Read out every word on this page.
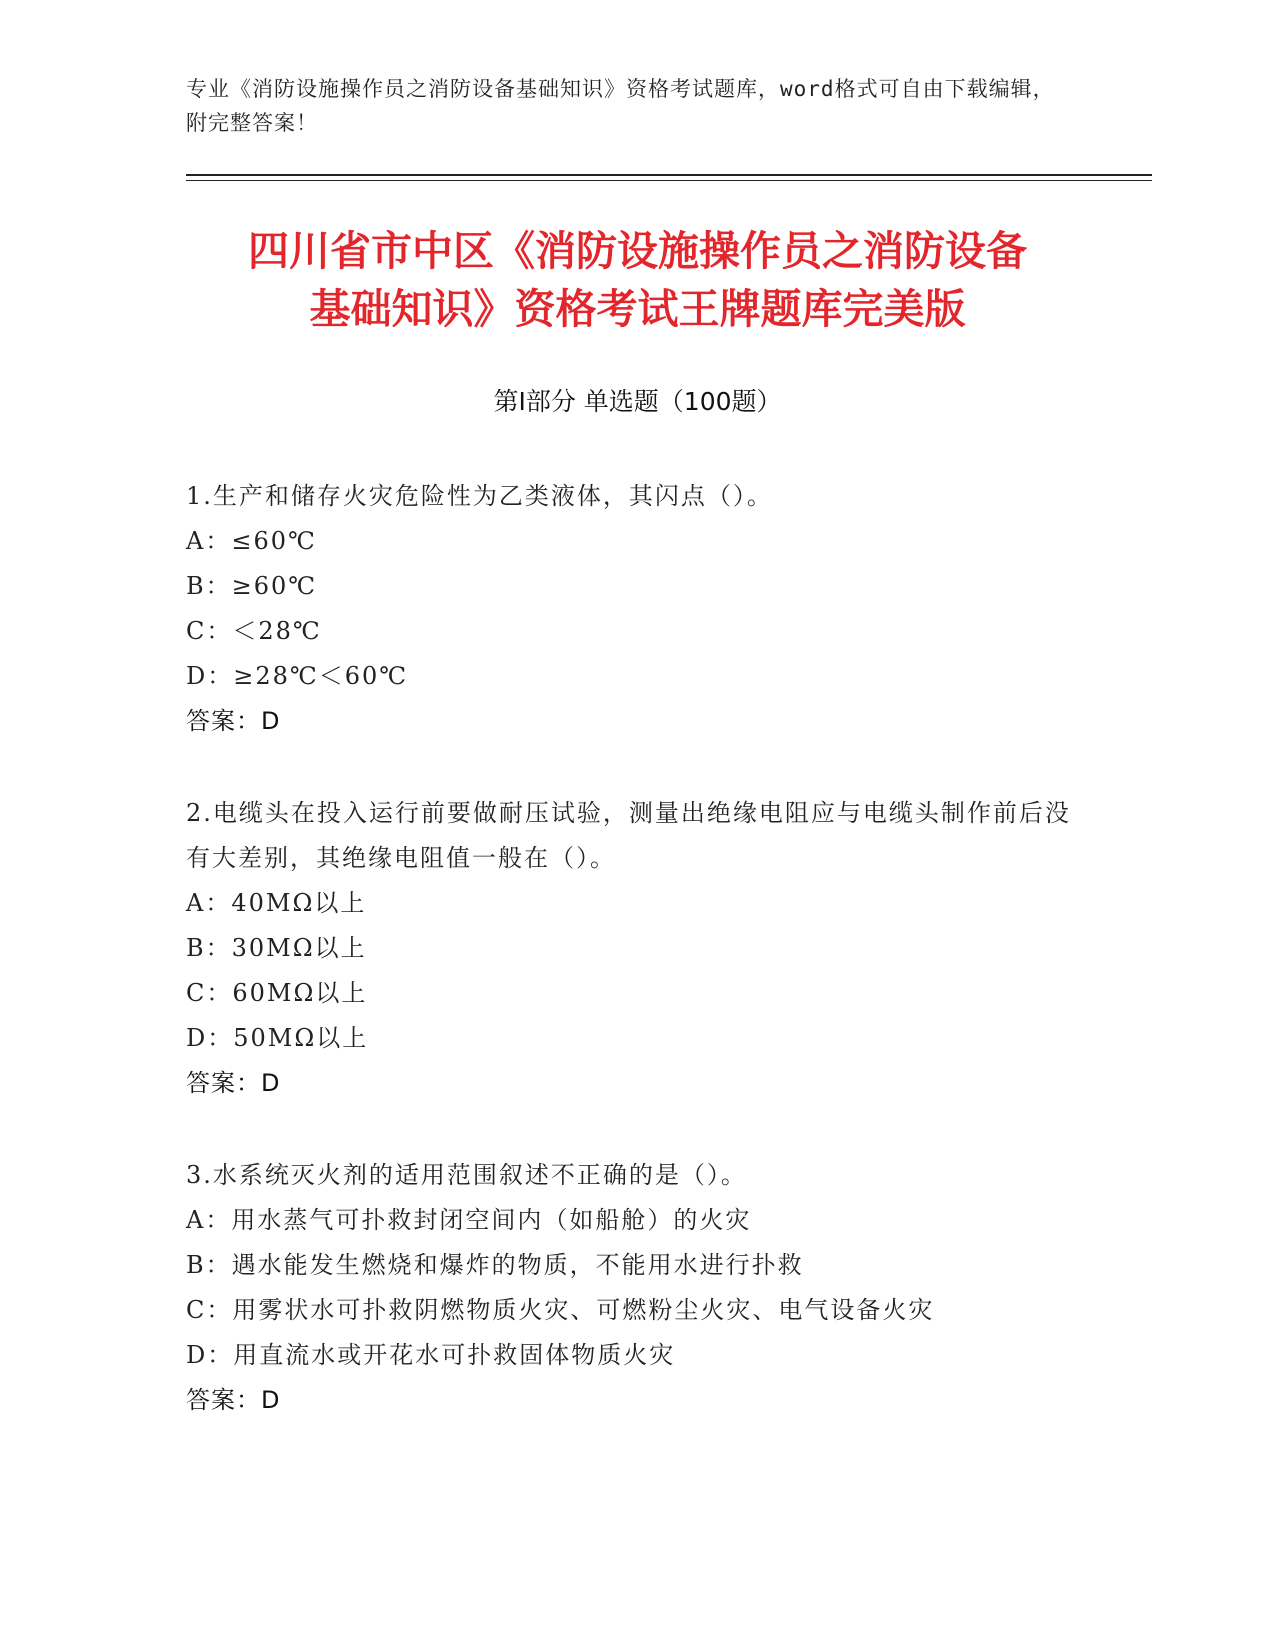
专业《消防设施操作员之消防设备基础知识》资格考试题库，word格式可自由下载编辑，附完整答案！
四川省市中区《消防设施操作员之消防设备
基础知识》资格考试王牌题库完美版
第Ⅰ部分 单选题（100题）
1.生产和储存火灾危险性为乙类液体，其闪点（）。
A：≤60℃
B：≥60℃
C：＜28℃
D：≥28℃＜60℃
答案：D
2.电缆头在投入运行前要做耐压试验，测量出绝缘电阻应与电缆头制作前后没有大差别，其绝缘电阻值一般在（）。
A：40MΩ以上
B：30MΩ以上
C：60MΩ以上
D：50MΩ以上
答案：D
3.水系统灭火剂的适用范围叙述不正确的是（）。
A：用水蒸气可扑救封闭空间内（如船舱）的火灾
B：遇水能发生燃烧和爆炸的物质，不能用水进行扑救
C：用雾状水可扑救阴燃物质火灾、可燃粉尘火灾、电气设备火灾
D：用直流水或开花水可扑救固体物质火灾
答案：D
